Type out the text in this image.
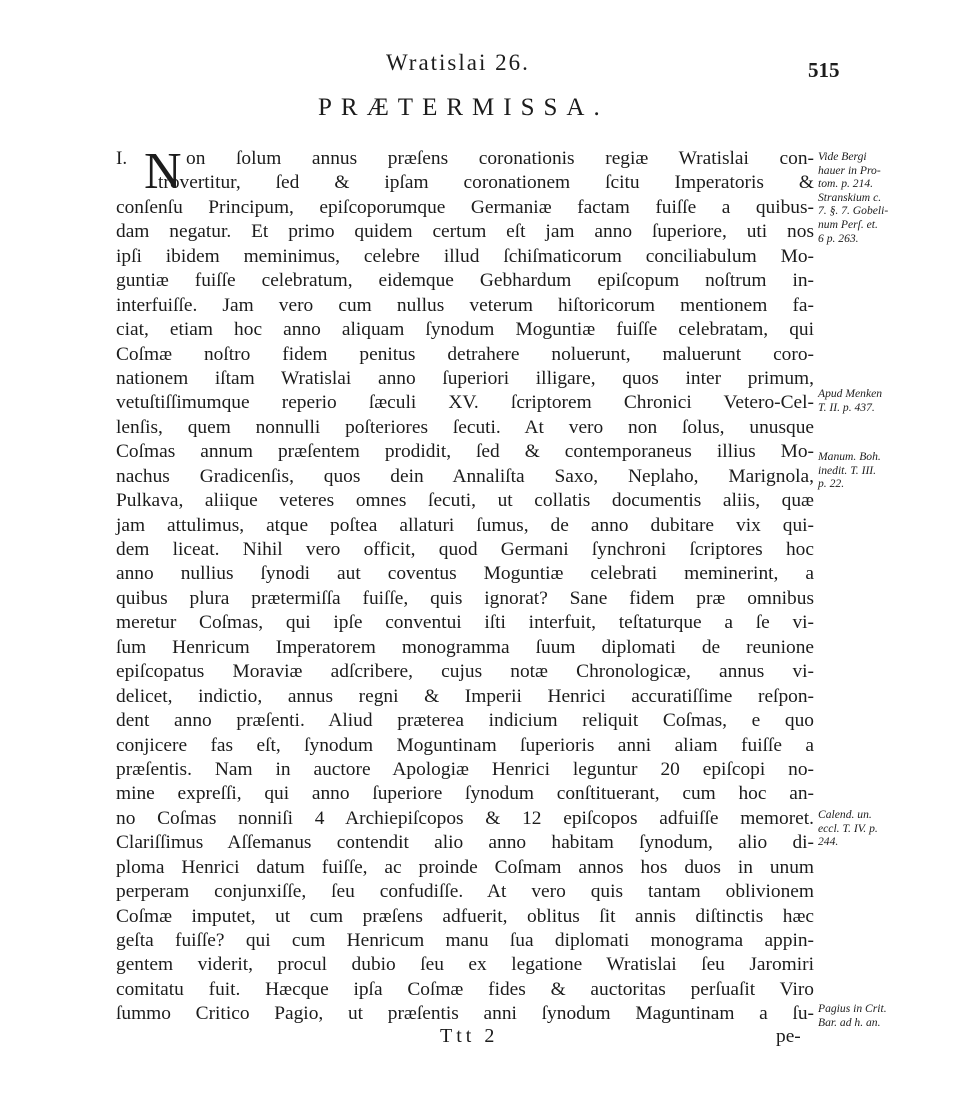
Wratislai 26.	515
PRÆTERMISSA.
I. N on ſolum annus præſens coronationis regiæ Wratislai con-
trovertitur, ſed & ipſam coronationem ſcitu Imperatoris &
conſenſu Principum, epiſcoporumque Germaniæ factam fuiſſe a quibus-
dam negatur. Et primo quidem certum eſt jam anno ſuperiore, uti nos
ipſi ibidem meminimus, celebre illud ſchiſmaticorum conciliabulum Mo-
guntiæ fuiſſe celebratum, eidemque Gebhardum epiſcopum noſtrum in-
interfuiſſe. Jam vero cum nullus veterum hiſtoricorum mentionem fa-
ciat, etiam hoc anno aliquam ſynodum Moguntiæ fuiſſe celebratam, qui
Coſmæ noſtro fidem penitus detrahere noluerunt, maluerunt coro-
nationem iſtam Wratislai anno ſuperiori illigare, quos inter primum,
vetuſtiſſimumque reperio ſæculi XV. ſcriptorem Chronici Vetero-Cel-
lenſis, quem nonnulli poſteriores ſecuti. At vero non ſolus, unusque
Coſmas annum præſentem prodidit, ſed & contemporaneus illius Mo-
nachus Gradicenſis, quos dein Annaliſta Saxo, Neplaho, Marignola,
Pulkava, aliique veteres omnes ſecuti, ut collatis documentis aliis, quæ
jam attulimus, atque poſtea allaturi ſumus, de anno dubitare vix qui-
dem liceat. Nihil vero officit, quod Germani ſynchroni ſcriptores hoc
anno nullius ſynodi aut coventus Moguntiæ celebrati meminerint, a
quibus plura prætermiſſa fuiſſe, quis ignorat? Sane fidem præ omnibus
meretur Coſmas, qui ipſe conventui iſti interfuit, teſtaturque a ſe vi-
ſum Henricum Imperatorem monogramma ſuum diplomati de reunione
epiſcopatus Moraviæ adſcribere, cujus notæ Chronologicæ, annus vi-
delicet, indictio, annus regni & Imperii Henrici accuratiſſime reſpon-
dent anno præſenti. Aliud præterea indicium reliquit Coſmas, e quo
conjicere fas eſt, ſynodum Moguntinam ſuperioris anni aliam fuiſſe a
præſentis. Nam in auctore Apologiæ Henrici leguntur 20 epiſcopi no-
mine expreſſi, qui anno ſuperiore ſynodum conſtituerant, cum hoc an-
no Coſmas nonniſi 4 Archiepiſcopos & 12 epiſcopos adfuiſſe memoret.
Clariſſimus Aſſemanus contendit alio anno habitam ſynodum, alio di-
ploma Henrici datum fuiſſe, ac proinde Coſmam annos hos duos in unum
perperam conjunxiſſe, ſeu confudiſſe. At vero quis tantam oblivionem
Coſmæ imputet, ut cum præſens adfuerit, oblitus ſit annis diſtinctis hæc
geſta fuiſſe? qui cum Henricum manu ſua diplomati monograma appin-
gentem viderit, procul dubio ſeu ex legatione Wratislai ſeu Jaromiri
comitatu fuit. Hæcque ipſa Coſmæ fides & auctoritas perſuaſit Viro
ſummo Critico Pagio, ut præſentis anni ſynodum Maguntinam a ſu-
Vide Bergi
hauer in Pro-
tom. p. 214.
Stranskium c.
7. §. 7. Gobeli-
num Perſ. et.
6 p. 263.
Apud Menken
T. II. p. 437.
Manum. Boh.
inedit. T. III.
p. 22.
Calend. un.
eccl. T. IV. p.
244.
Pagius in Crit.
Bar. ad h. an.
Ttt 2	pe-
